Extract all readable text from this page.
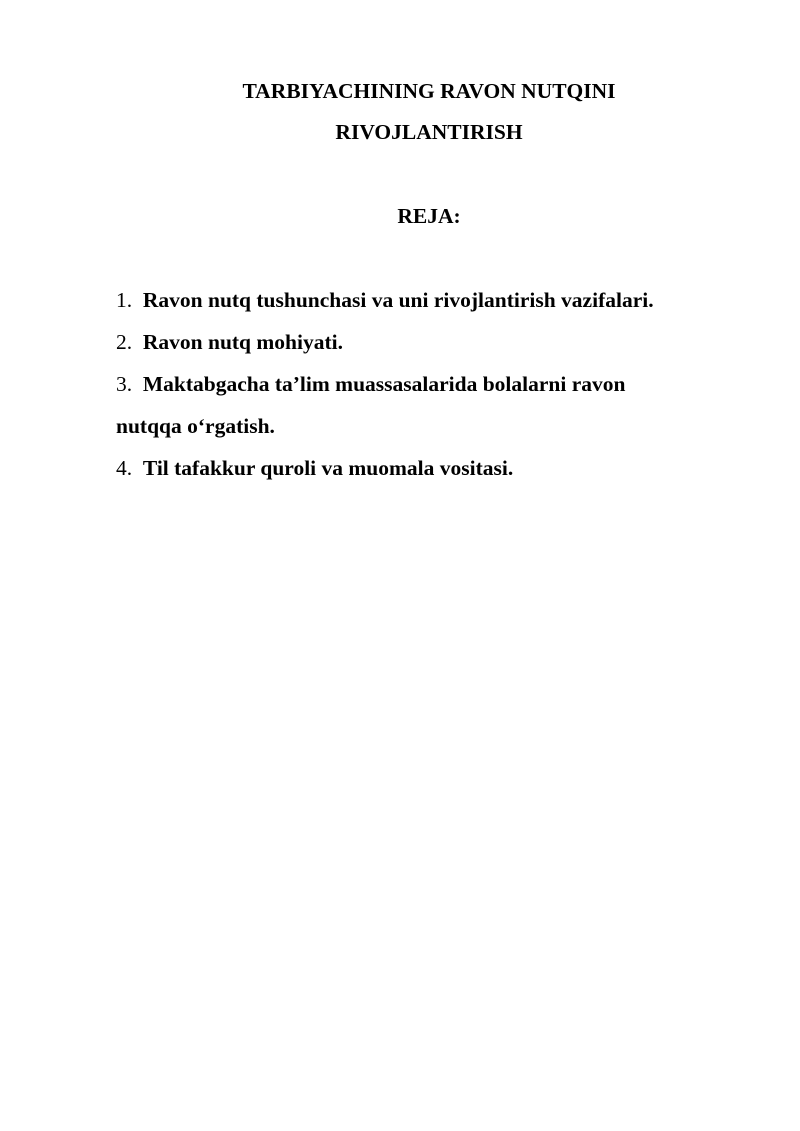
TARBIYACHINING RAVON NUTQINI
RIVOJLANTIRISH
REJA:
1. Ravon nutq tushunchasi va uni rivojlantirish vazifalari.
2. Ravon nutq mohiyati.
3. Maktabgacha ta’lim muassasalarida bolalarni ravon
nutqqa o‘rgatish.
4. Til tafakkur quroli va muomala vositasi.
